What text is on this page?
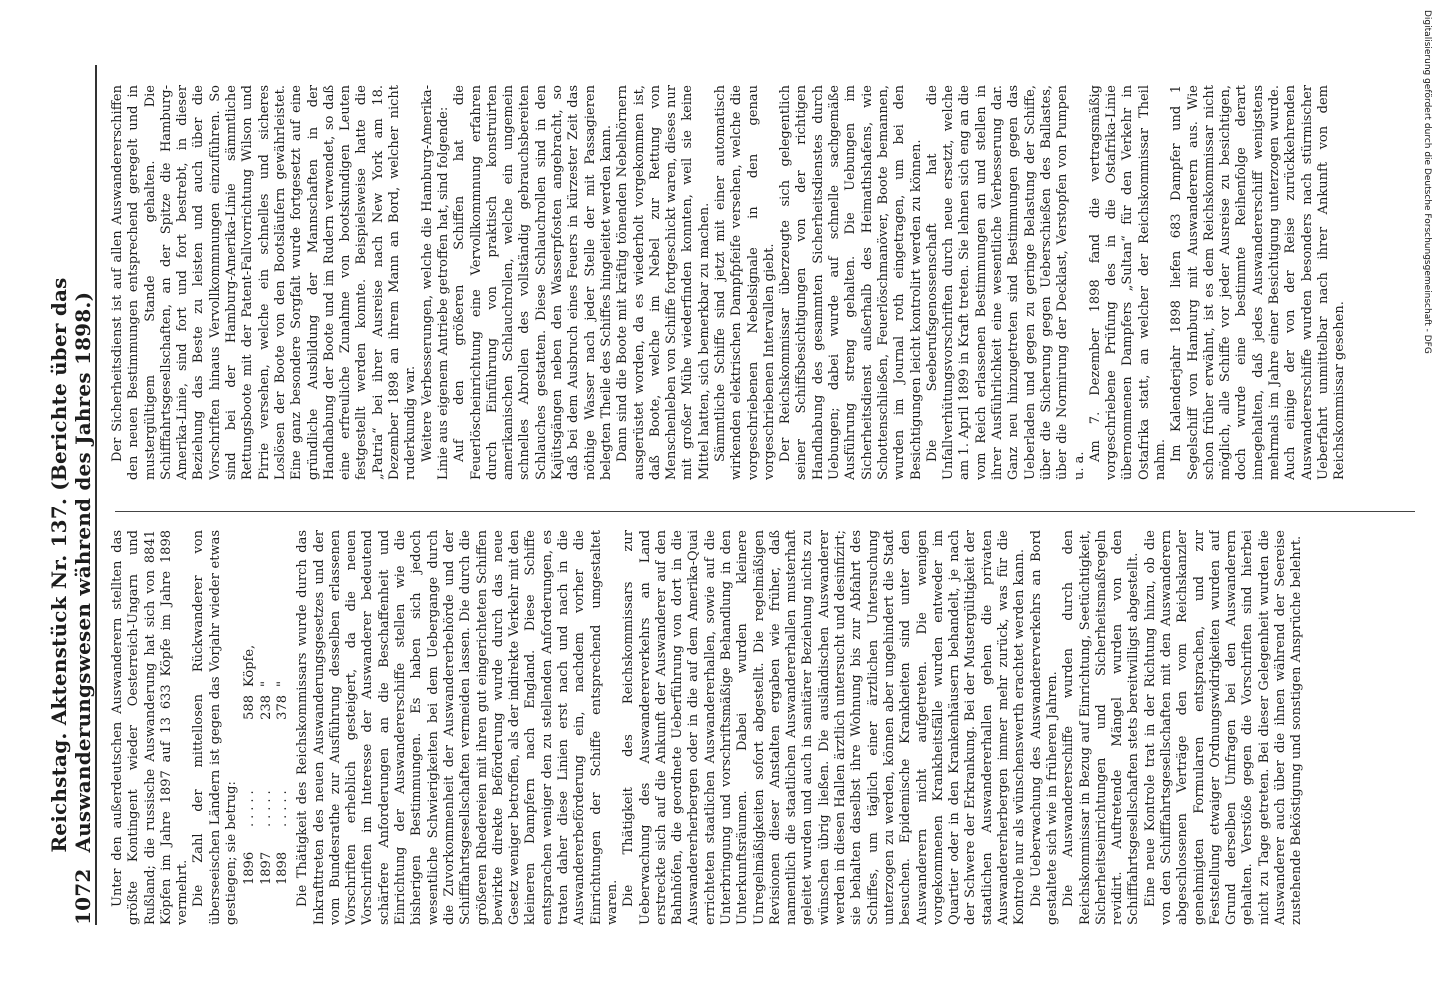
1072
Reichstag. Aktenstück Nr. 137. (Berichte über das Auswanderungswesen während des Jahres 1898.) Unter den außerdeutschen Auswanderern stellten das größte Kontingent wieder Oesterreich-Ungarn und Rußland; die russische Auswanderung hat sich von 8841 Köpfen im Jahre 1897 auf 13 633 Köpfe im Jahre 1898 vermehrt. Die Zahl der mittellosen Rückwanderer von überseeischen Ländern ist gegen das Vorjahr wieder etwas gestiegen; sie betrug: 1896
.....
588
Köpfe,
1897
.....
238
"
1898
.....
378
" Die Thätigkeit des Reichskommissars wurde durch das Inkrafttreten des neuen Auswanderungsgesetzes und der vom Bundesrathe zur Ausführung desselben erlassenen Vorschriften erheblich gesteigert, da die neuen Vorschriften im Interesse der Auswanderer bedeutend schärfere Anforderungen an die Beschaffenheit und Einrichtung der Auswandererschiffe stellen wie die bisherigen Bestimmungen. Es haben sich jedoch wesentliche Schwierigkeiten bei dem Uebergange durch die Zuvorkommenheit der Auswandererbehörde und der Schifffahrtsgesellschaften vermeiden lassen. Die durch die größeren Rhedereien mit ihren gut eingerichteten Schiffen bewirkte direkte Beförderung wurde durch das neue Gesetz weniger betroffen, als der indirekte Verkehr mit den kleineren Dampfern nach England. Diese Schiffe entsprachen weniger den zu stellenden Anforderungen, es traten daher diese Linien erst nach und nach in die Auswandererbeförderung ein, nachdem vorher die Einrichtungen der Schiffe entsprechend umgestaltet waren. Die Thätigkeit des Reichskommissars zur Ueberwachung des Auswandererverkehrs an Land erstreckte sich auf die Ankunft der Auswanderer auf den Bahnhöfen, die geordnete Ueberführung von dort in die Auswandererherbergen oder in die auf dem Amerika-Quai errichteten staatlichen Auswandererhallen, sowie auf die Unterbringung und vorschriftsmäßige Behandlung in den Unterkunftsräumen. Dabei wurden kleinere Unregelmäßigkeiten sofort abgestellt. Die regelmäßigen Revisionen dieser Anstalten ergaben wie früher, daß namentlich die staatlichen Auswandererhallen musterhaft geleitet wurden und auch in sanitärer Beziehung nichts zu wünschen übrig ließen. Die ausländischen Auswanderer werden in diesen Hallen ärztlich untersucht und desinfizirt; sie behalten daselbst ihre Wohnung bis zur Abfahrt des Schiffes, um täglich einer ärztlichen Untersuchung unterzogen zu werden, können aber ungehindert die Stadt besuchen. Epidemische Krankheiten sind unter den Auswanderern nicht aufgetreten. Die wenigen vorgekommenen Krankheitsfälle wurden entweder im Quartier oder in den Krankenhäusern behandelt, je nach der Schwere der Erkrankung. Bei der Mustergültigkeit der staatlichen Auswandererhallen gehen die privaten Auswandererherbergen immer mehr zurück, was für die Kontrole nur als wünschenswerth erachtet werden kann. Die Ueberwachung des Auswandererverkehrs an Bord gestaltete sich wie in früheren Jahren. Die Auswandererschiffe wurden durch den Reichskommissar in Bezug auf Einrichtung, Seetüchtigkeit, Sicherheitseinrichtungen und Sicherheitsmaßregeln revidirt. Auftretende Mängel wurden von den Schifffahrtsgesellschaften stets bereitwilligst abgestellt. Eine neue Kontrole trat in der Richtung hinzu, ob die von den Schifffahrtsgesellschaften mit den Auswanderern abgeschlossenen Verträge den vom Reichskanzler genehmigten Formularen entsprachen, und zur Feststellung etwaiger Ordnungswidrigkeiten wurden auf Grund derselben Umfragen bei den Auswanderern gehalten. Verstöße gegen die Vorschriften sind hierbei nicht zu Tage getreten. Bei dieser Gelegenheit wurden die Auswanderer auch über die ihnen während der Seereise zustehende Beköstigung und sonstigen Ansprüche belehrt.

Der Sicherheitsdienst ist auf allen Auswandererschiffen den neuen Bestimmungen entsprechend geregelt und in mustergültigem Stande gehalten. Die Schifffahrtsgesellschaften, an der Spitze die Hamburg-Amerika-Linie, sind fort und fort bestrebt, in dieser Beziehung das Beste zu leisten und auch über die Vorschriften hinaus Vervollkommnungen einzuführen. So sind bei der Hamburg-Amerika-Linie sämmtliche Rettungsboote mit der Patent-Fallvorrichtung Wilson und Pirrie versehen, welche ein schnelles und sicheres Loslösen der Boote von den Bootsläufern gewährleistet. Eine ganz besondere Sorgfalt wurde fortgesetzt auf eine gründliche Ausbildung der Mannschaften in der Handhabung der Boote und im Rudern verwendet, so daß eine erfreuliche Zunahme von bootskundigen Leuten festgestellt werden konnte. Beispielsweise hatte die „Patria“ bei ihrer Ausreise nach New York am 18. Dezember 1898 an ihrem Mann an Bord, welcher nicht ruderkundig war. Weitere Verbesserungen, welche die Hamburg-Amerika-Linie aus eigenem Antriebe getroffen hat, sind folgende: Auf den größeren Schiffen hat die Feuerlöscheinrichtung eine Vervollkommnung erfahren durch Einführung von praktisch konstruirten amerikanischen Schlauchrollen, welche ein ungemein schnelles Abrollen des vollständig gebrauchsbereiten Schlauches gestatten. Diese Schlauchrollen sind in den Kajütsgängen neben den Wasserpfosten angebracht, so daß bei dem Ausbruch eines Feuers in kürzester Zeit das nöthige Wasser nach jeder Stelle der mit Passagieren belegten Theile des Schiffes hingeleitet werden kann. Dann sind die Boote mit kräftig tönenden Nebelhörnern ausgerüstet worden, da es wiederholt vorgekommen ist, daß Boote, welche im Nebel zur Rettung von Menschenleben von Schiffe fortgeschickt waren, dieses nur mit großer Mühe wiederfinden konnten, weil sie keine Mittel hatten, sich bemerkbar zu machen. Sämmtliche Schiffe sind jetzt mit einer automatisch wirkenden elektrischen Dampfpfeife versehen, welche die vorgeschriebenen Nebelsignale in den genau vorgeschriebenen Intervallen giebt. Der Reichskommissar überzeugte sich gelegentlich seiner Schiffsbesichtigungen von der richtigen Handhabung des gesammten Sicherheitsdienstes durch Uebungen; dabei wurde auf schnelle sachgemäße Ausführung streng gehalten. Die Uebungen im Sicherheitsdienst außerhalb des Heimathshafens, wie Schottenschließen, Feuerlöschmanöver, Boote bemannen, wurden im Journal roth eingetragen, um bei den Besichtigungen leicht kontrolirt werden zu können. Die Seeberufsgenossenschaft hat die Unfallverhütungsvorschriften durch neue ersetzt, welche am 1. April 1899 in Kraft treten. Sie lehnen sich eng an die vom Reich erlassenen Bestimmungen an und stellen in ihrer Ausführlichkeit eine wesentliche Verbesserung dar. Ganz neu hinzugetreten sind Bestimmungen gegen das Ueberladen und gegen zu geringe Belastung der Schiffe, über die Sicherung gegen Ueberschießen des Ballastes, über die Normirung der Decklast, Verstopfen von Pumpen u. a.

Am 7. Dezember 1898 fand die vertragsmäßig vorgeschriebene Prüfung des in die Ostafrika-Linie übernommenen Dampfers „Sultan“ für den Verkehr in Ostafrika statt, an welcher der Reichskommissar Theil nahm. Im Kalenderjahr 1898 liefen 683 Dampfer und 1 Segelschiff von Hamburg mit Auswanderern aus. Wie schon früher erwähnt, ist es dem Reichskommissar nicht möglich, alle Schiffe vor jeder Ausreise zu besichtigen, doch wurde eine bestimmte Reihenfolge derart innegehalten, daß jedes Auswandererschiff wenigstens mehrmals im Jahre einer Besichtigung unterzogen wurde. Auch einige der von der Reise zurückkehrenden Auswandererschiffe wurden besonders nach stürmischer Ueberfahrt unmittelbar nach ihrer Ankunft von dem Reichskommissar gesehen.

Digitalisierung gefördert durch die Deutsche Forschungsgemeinschaft - DFG
